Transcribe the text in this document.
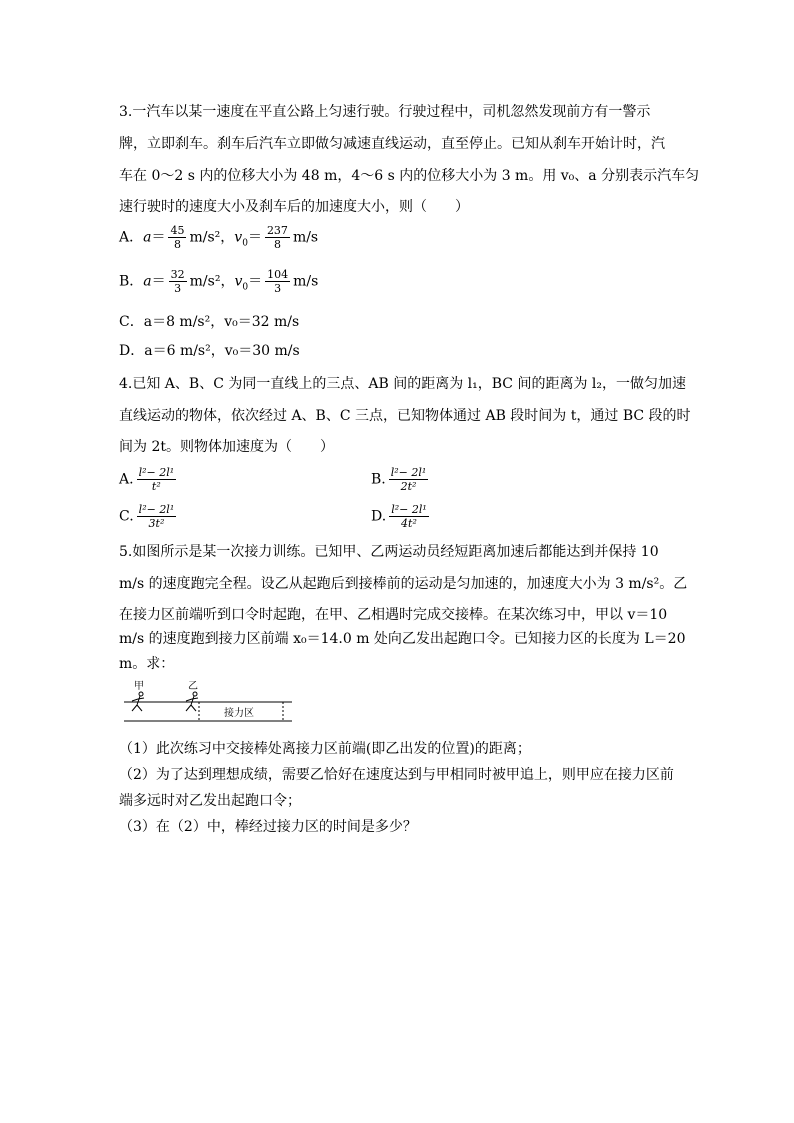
3.一汽车以某一速度在平直公路上匀速行驶。行驶过程中，司机忽然发现前方有一警示
牌，立即刹车。刹车后汽车立即做匀减速直线运动，直至停止。已知从刹车开始计时，汽
车在 0～2 s 内的位移大小为 48 m，4～6 s 内的位移大小为 3 m。用 v₀、a 分别表示汽车匀
速行驶时的速度大小及刹车后的加速度大小，则（　　）
A．$a= \frac{45}{8} m/s^2$，$v_0= \frac{237}{8} m/s$
B．$a= \frac{32}{3} m/s^2$，$v_0= \frac{104}{3} m/s$
C．a＝8 m/s²，v₀＝32 m/s
D．a＝6 m/s²，v₀＝30 m/s
4.已知 A、B、C 为同一直线上的三点、AB 间的距离为 l₁，BC 间的距离为 l₂，一做匀加速
直线运动的物体，依次经过 A、B、C 三点，已知物体通过 AB 段时间为 t，通过 BC 段的时
间为 2t。则物体加速度为（　　）
A. $\frac{\text{l²− 2l¹}}{\text{t²}}$	B. $\frac{\text{l²− 2l¹}}{\text{2t²}}$
C. $\frac{\text{l²− 2l¹}}{\text{3t²}}$	D. $\frac{\text{l²− 2l¹}}{\text{4t²}}$
5.如图所示是某一次接力训练。已知甲、乙两运动员经短距离加速后都能达到并保持 10
m/s 的速度跑完全程。设乙从起跑后到接棒前的运动是匀加速的，加速度大小为 3 m/s²。乙
在接力区前端听到口令时起跑，在甲、乙相遇时完成交接棒。在某次练习中，甲以 v＝10
m/s 的速度跑到接力区前端 x₀＝14.0 m 处向乙发出起跑口令。已知接力区的长度为 L＝20
m。求：
甲	乙
接力区
（1）此次练习中交接棒处离接力区前端(即乙出发的位置)的距离；
（2）为了达到理想成绩，需要乙恰好在速度达到与甲相同时被甲追上，则甲应在接力区前
端多远时对乙发出起跑口令；
（3）在（2）中，棒经过接力区的时间是多少？
